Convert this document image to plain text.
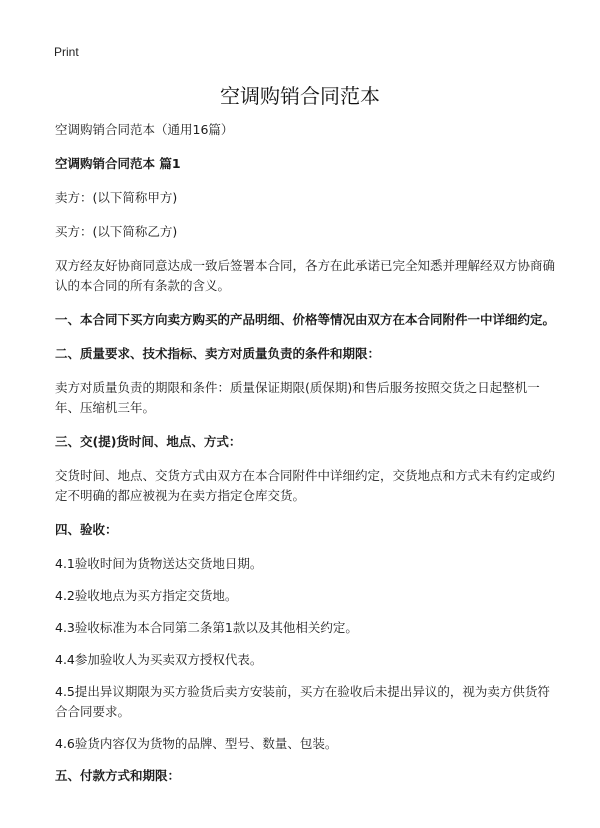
Print
空调购销合同范本

空调购销合同范本（通用16篇）

空调购销合同范本 篇1

卖方：(以下简称甲方)

买方：(以下简称乙方)

双方经友好协商同意达成一致后签署本合同，各方在此承诺已完全知悉并理解经双方协商确认的本合同的所有条款的含义。

一、本合同下买方向卖方购买的产品明细、价格等情况由双方在本合同附件一中详细约定。

二、质量要求、技术指标、卖方对质量负责的条件和期限：

卖方对质量负责的期限和条件：质量保证期限(质保期)和售后服务按照交货之日起整机一年、压缩机三年。

三、交(提)货时间、地点、方式：

交货时间、地点、交货方式由双方在本合同附件中详细约定，交货地点和方式未有约定或约定不明确的都应被视为在卖方指定仓库交货。

四、验收：

4.1验收时间为货物送达交货地日期。

4.2验收地点为买方指定交货地。

4.3验收标准为本合同第二条第1款以及其他相关约定。

4.4参加验收人为买卖双方授权代表。

4.5提出异议期限为买方验货后卖方安装前，买方在验收后未提出异议的，视为卖方供货符合合同要求。

4.6验货内容仅为货物的品牌、型号、数量、包装。

五、付款方式和期限：
